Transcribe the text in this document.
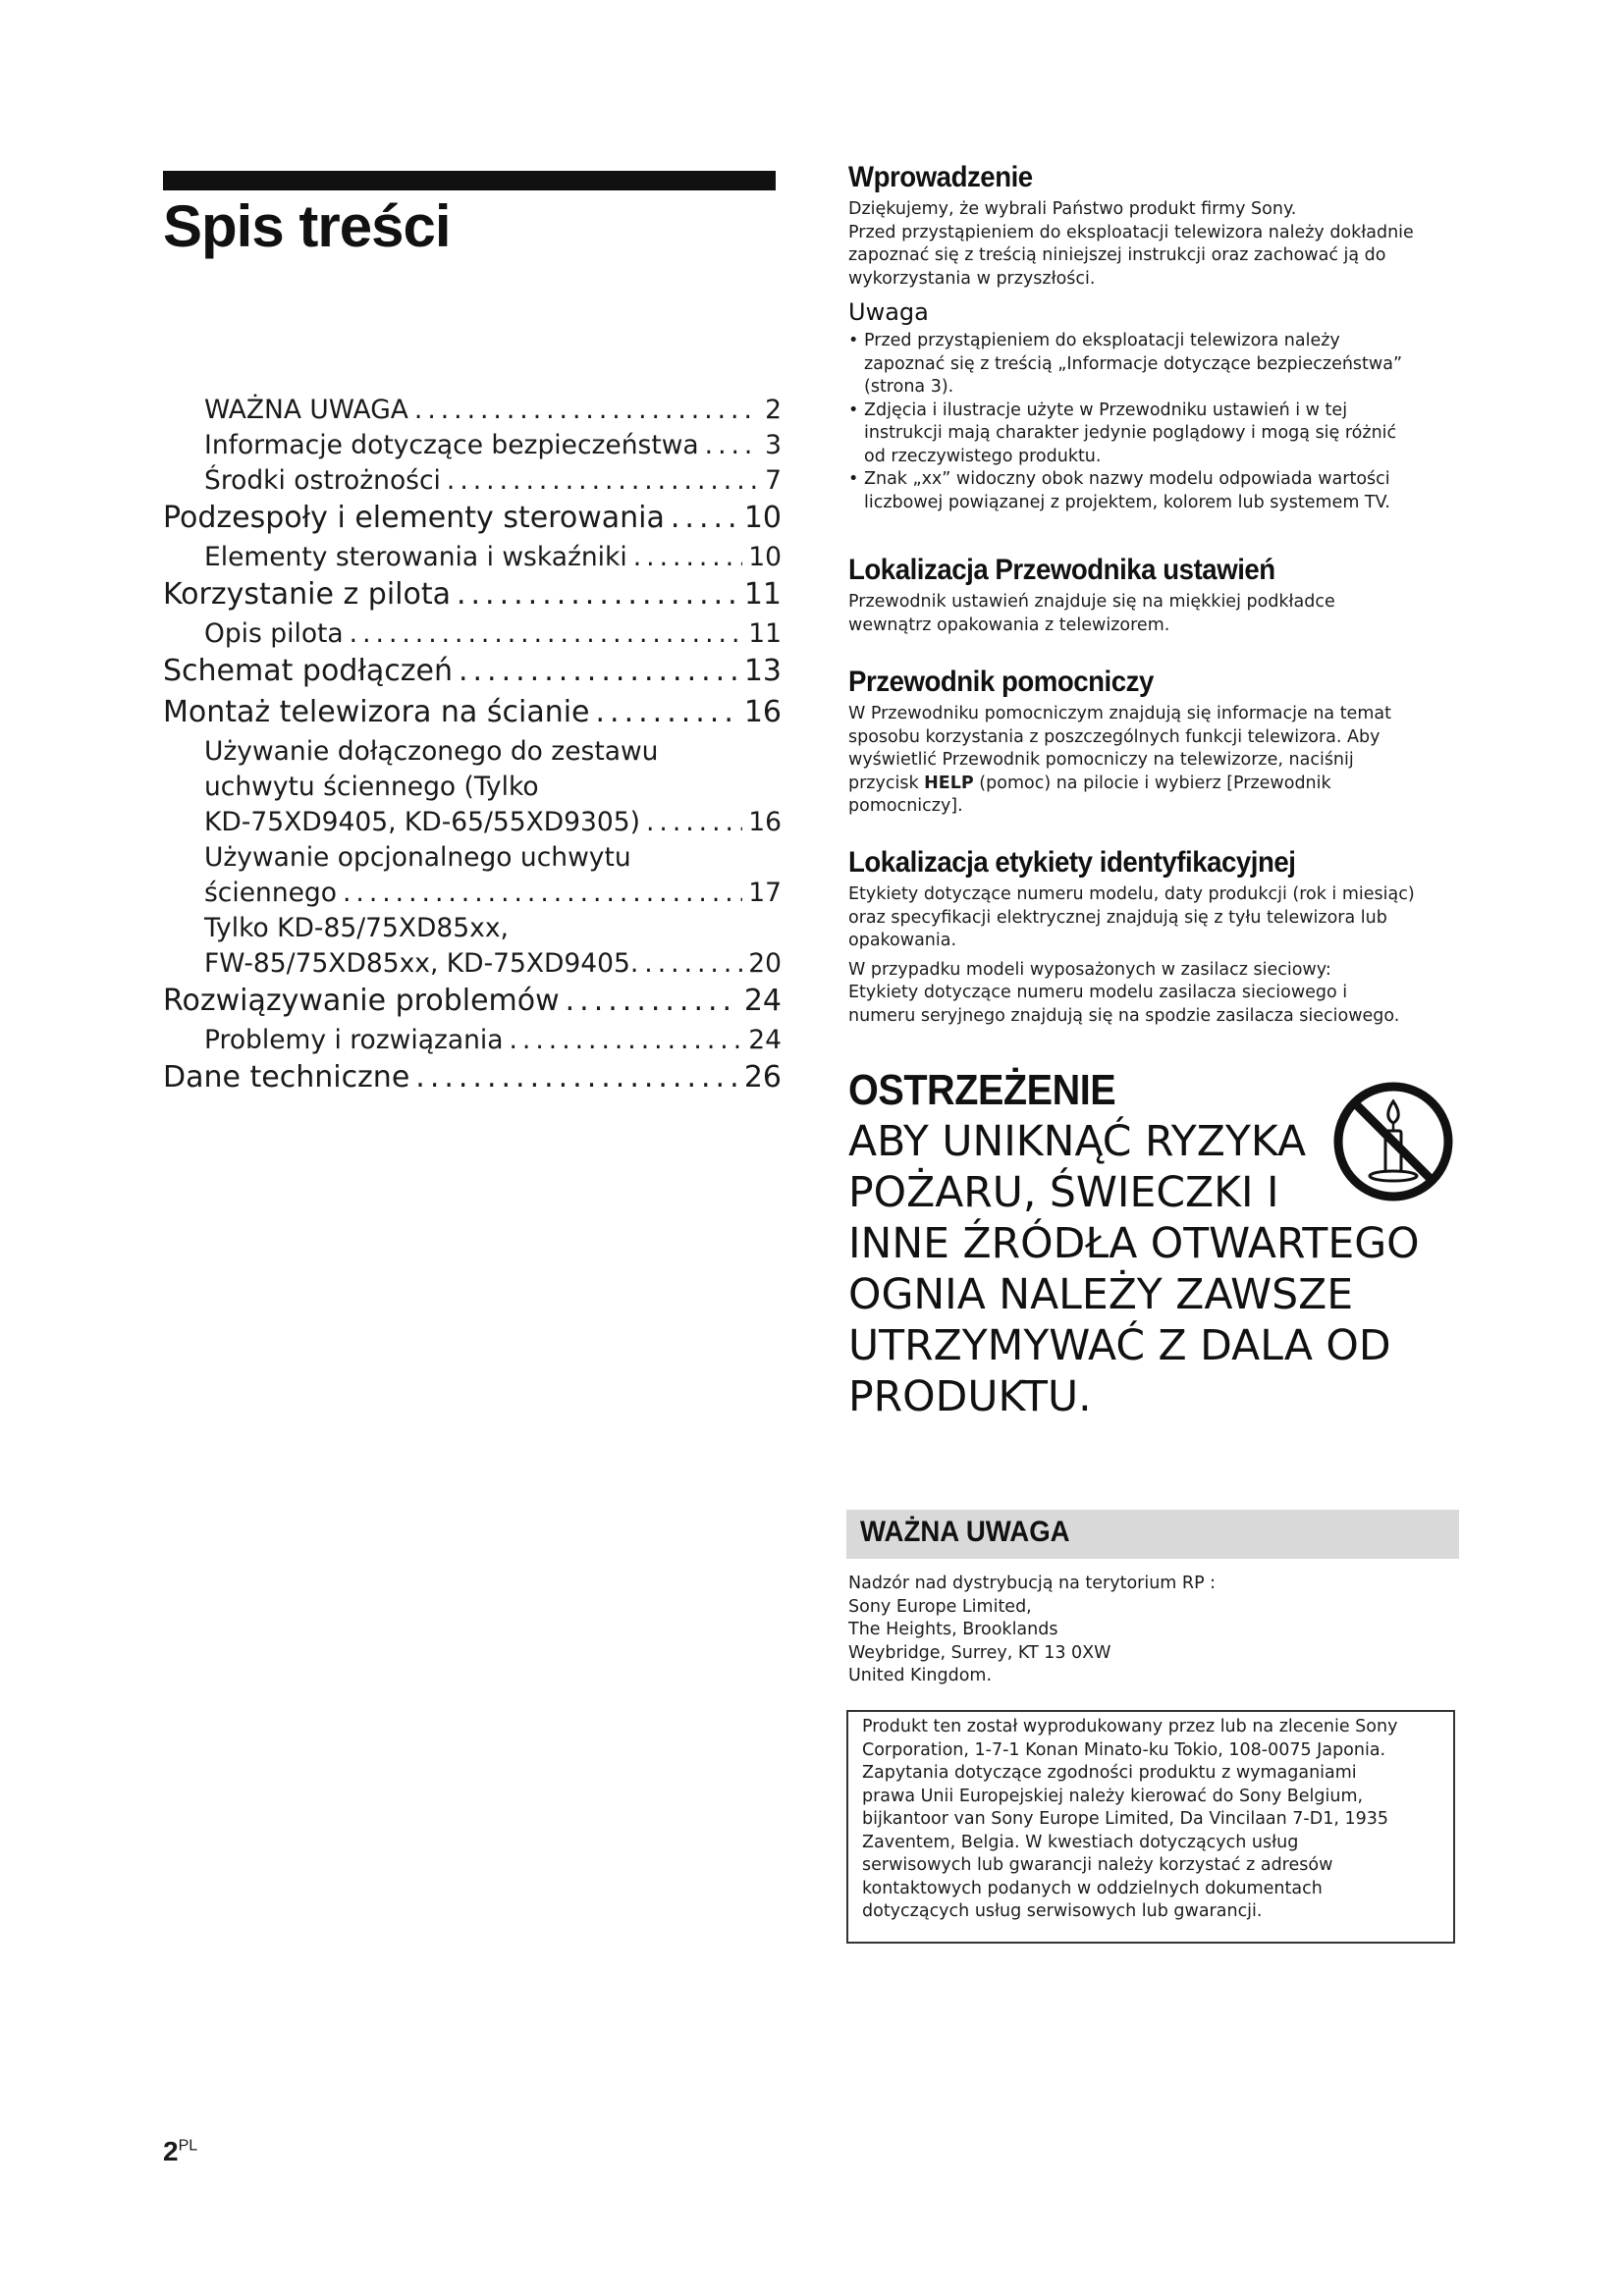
Spis treści
WAŻNA UWAGA .....	2
Informacje dotyczące bezpieczeństwa .....	3
Środki ostrożności .....	7
Podzespoły i elementy sterowania .....	10
Elementy sterowania i wskaźniki .....	10
Korzystanie z pilota .....	11
Opis pilota .....	11
Schemat podłączeń .....	13
Montaż telewizora na ścianie .....	16
Używanie dołączonego do zestawu
uchwytu ściennego (Tylko
KD-75XD9405, KD-65/55XD9305) .....	16
Używanie opcjonalnego uchwytu
ściennego .....	17
Tylko KD-85/75XD85xx,
FW-85/75XD85xx, KD-75XD9405. .....	20
Rozwiązywanie problemów .....	24
Problemy i rozwiązania .....	24
Dane techniczne .....	26
Wprowadzenie
Dziękujemy, że wybrali Państwo produkt firmy Sony.
Przed przystąpieniem do eksploatacji telewizora należy dokładnie
zapoznać się z treścią niniejszej instrukcji oraz zachować ją do
wykorzystania w przyszłości.
Uwaga
• Przed przystąpieniem do eksploatacji telewizora należy
zapoznać się z treścią „Informacje dotyczące bezpieczeństwa”
(strona 3).
• Zdjęcia i ilustracje użyte w Przewodniku ustawień i w tej
instrukcji mają charakter jedynie poglądowy i mogą się różnić
od rzeczywistego produktu.
• Znak „xx” widoczny obok nazwy modelu odpowiada wartości
liczbowej powiązanej z projektem, kolorem lub systemem TV.
Lokalizacja Przewodnika ustawień
Przewodnik ustawień znajduje się na miękkiej podkładce
wewnątrz opakowania z telewizorem.
Przewodnik pomocniczy
W Przewodniku pomocniczym znajdują się informacje na temat
sposobu korzystania z poszczególnych funkcji telewizora. Aby
wyświetlić Przewodnik pomocniczy na telewizorze, naciśnij
przycisk HELP (pomoc) na pilocie i wybierz [Przewodnik
pomocniczy].
Lokalizacja etykiety identyfikacyjnej
Etykiety dotyczące numeru modelu, daty produkcji (rok i miesiąc)
oraz specyfikacji elektrycznej znajdują się z tyłu telewizora lub
opakowania.
W przypadku modeli wyposażonych w zasilacz sieciowy:
Etykiety dotyczące numeru modelu zasilacza sieciowego i
numeru seryjnego znajdują się na spodzie zasilacza sieciowego.
OSTRZEŻENIE
ABY UNIKNĄĆ RYZYKA
POŻARU, ŚWIECZKI I
INNE ŹRÓDŁA OTWARTEGO
OGNIA NALEŻY ZAWSZE
UTRZYMYWAĆ Z DALA OD
PRODUKTU.
WAŻNA UWAGA
Nadzór nad dystrybucją na terytorium RP :
Sony Europe Limited,
The Heights, Brooklands
Weybridge, Surrey, KT 13 0XW
United Kingdom.
Produkt ten został wyprodukowany przez lub na zlecenie Sony
Corporation, 1-7-1 Konan Minato-ku Tokio, 108-0075 Japonia.
Zapytania dotyczące zgodności produktu z wymaganiami
prawa Unii Europejskiej należy kierować do Sony Belgium,
bijkantoor van Sony Europe Limited, Da Vincilaan 7-D1, 1935
Zaventem, Belgia. W kwestiach dotyczących usług
serwisowych lub gwarancji należy korzystać z adresów
kontaktowych podanych w oddzielnych dokumentach
dotyczących usług serwisowych lub gwarancji.
$2^{PL}$
